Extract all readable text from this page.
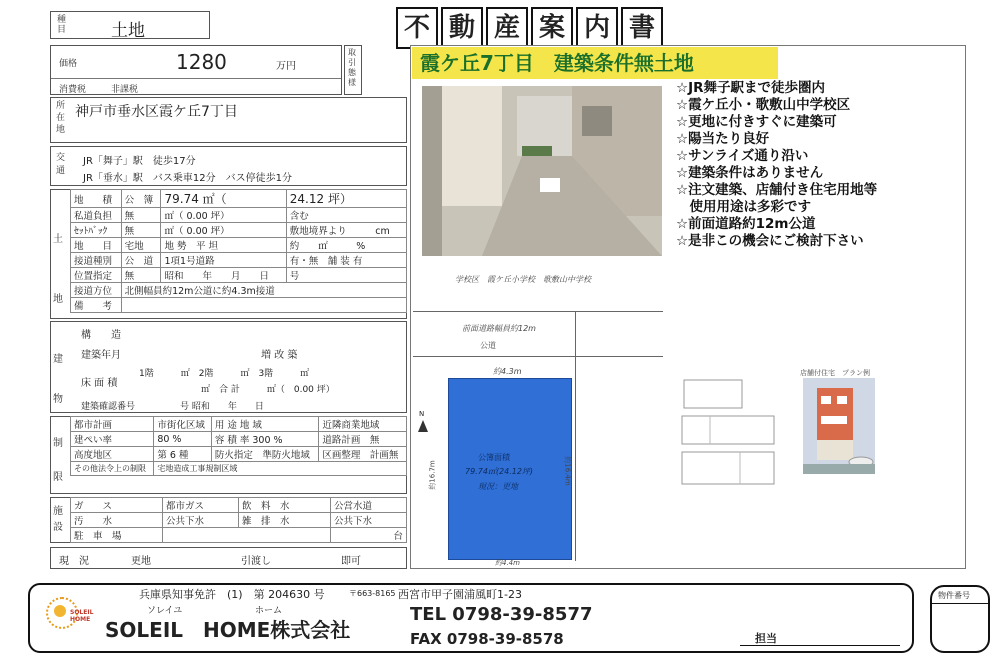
種目	土地	不 動 産 案 内 書
価格	1280	万円
消費税	非課税
取引態様
所在地
神戸市垂水区霞ケ丘7丁目
交通
JR「舞子」駅　徒歩17分
JR「垂水」駅　バス乗車12分　バス停徒歩1分
土地
地　　積	公　簿	79.74 ㎡（	24.12 坪）
私道負担	無	㎡（ 0.00 坪）	含む
ｾｯﾄﾊﾞｯｸ	無	㎡（ 0.00 坪）	敷地境界より　　　cm
地　　目	宅地	地 勢　平 坦	約　　㎡　　　%
接道種別	公　道	1項1号道路	有・無　舗 装 有
位置指定	無	昭和　　年　　月　　日	号
接道方位	北側幅員約12m公道に約4.3m接道		
備　　考			
建物
構　　造
建築年月	増 改 築
床 面 積
1階　　　㎡　2階　　　㎡　3階　　　㎡
㎡　合 計　　　㎡（　0.00 坪）
建築確認番号　　　　　号 昭和　　年　　日
制限
都市計画	市街化区域	用 途 地 域	近隣商業地域
建ぺい率	80 %	容 積 率 300 %	道路計画　無
高度地区	第 6 種	防火指定　準防火地域	区画整理　計画無
その他法令上の制限	宅地造成工事規制区域		
施設
ガ　　ス	都市ガス	飲　料　水	公営水道
汚　　水	公共下水	雑　排　水	公共下水
駐　車　場			台
現　況	更地	引渡し	即可
霞ケ丘7丁目　建築条件無土地
☆JR舞子駅まで徒歩圏内
☆霞ケ丘小・歌敷山中学校区
☆更地に付きすぐに建築可
☆陽当たり良好
☆サンライズ通り沿い
☆建築条件はありません
☆注文建築、店舗付き住宅用地等
　使用用途は多彩です
☆前面道路約12m公道
☆是非この機会にご検討下さい
学校区　霞ケ丘小学校　歌敷山中学校
前面道路幅員約12m
公道
約4.3m
公簿面積
79.74㎡(24.12坪)
現況：更地
約16.7m	約16.4m
約4.4m
N
店舗付住宅　プラン例
SOLEIL HOME
兵庫県知事免許　(1)　第 204630 号	〒663-8165 西宮市甲子園浦風町1-23
ソレイユ	ホーム
SOLEIL　HOME株式会社
TEL 0798-39-8577
FAX 0798-39-8578	担当
物件番号
